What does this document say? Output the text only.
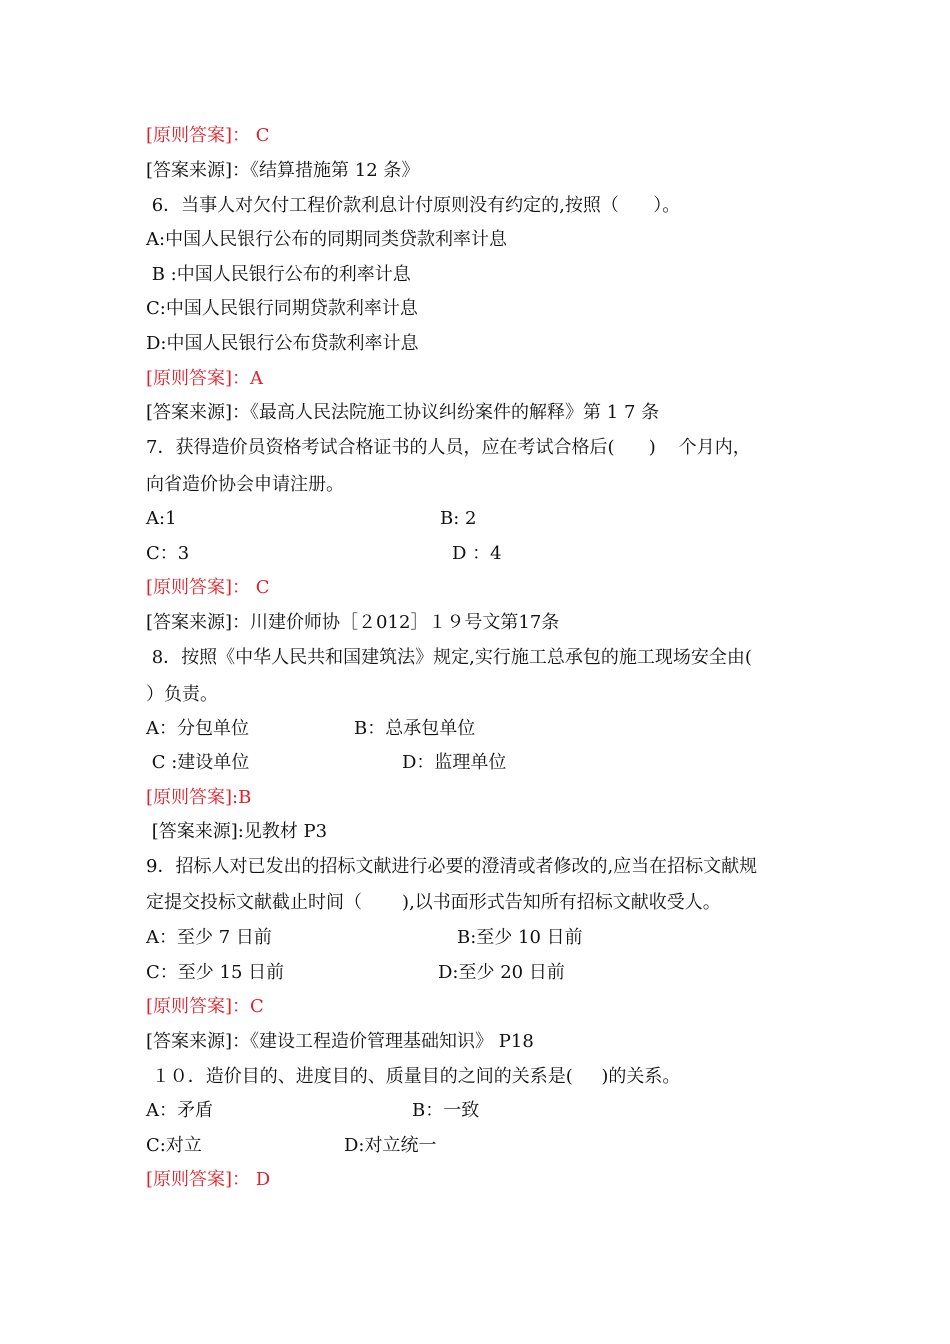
[原则答案]： C
[答案来源]：《结算措施第 12 条》
6．当事人对欠付工程价款利息计付原则没有约定的,按照（      ）。
A:中国人民银行公布的同期同类贷款利率计息
B :中国人民银行公布的利率计息
C:中国人民银行同期贷款利率计息
D:中国人民银行公布贷款利率计息
[原则答案]：A
[答案来源]：《最高人民法院施工协议纠纷案件的解释》第 1 7 条
7．获得造价员资格考试合格证书的人员，应在考试合格后(      )    个月内，
向省造价协会申请注册。
A:1	B: 2
C：3	D ：4
[原则答案]： C
[答案来源]：川建价师协［２012］１９号文第17条
8．按照《中华人民共和国建筑法》规定,实行施工总承包的施工现场安全由(
）负责。
A：分包单位	B：总承包单位
C :建设单位	D：监理单位
[原则答案]:B
[答案来源]:见教材 P3
9．招标人对已发出的招标文献进行必要的澄清或者修改的,应当在招标文献规
定提交投标文献截止时间（       ),以书面形式告知所有招标文献收受人。
A：至少 7 日前	B:至少 10 日前
C：至少 15 日前	D:至少 20 日前
[原则答案]：C
[答案来源]：《建设工程造价管理基础知识》 P18
１０．造价目的、进度目的、质量目的之间的关系是(     )的关系。
A：矛盾	B：一致
C:对立	D:对立统一
[原则答案]： D
